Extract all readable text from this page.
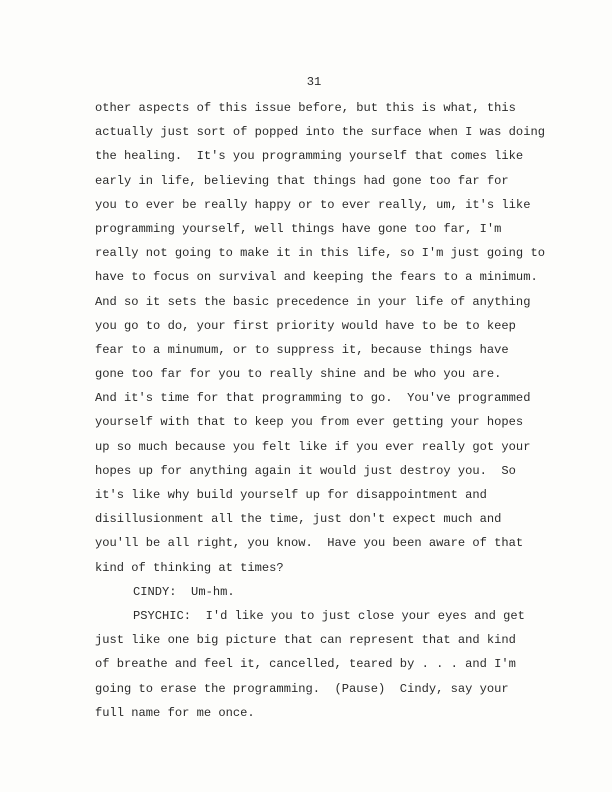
31
other aspects of this issue before, but this is what, this
actually just sort of popped into the surface when I was doing
the healing.  It's you programming yourself that comes like
early in life, believing that things had gone too far for
you to ever be really happy or to ever really, um, it's like
programming yourself, well things have gone too far, I'm
really not going to make it in this life, so I'm just going to
have to focus on survival and keeping the fears to a minimum.
And so it sets the basic precedence in your life of anything
you go to do, your first priority would have to be to keep
fear to a minumum, or to suppress it, because things have
gone too far for you to really shine and be who you are.
And it's time for that programming to go.  You've programmed
yourself with that to keep you from ever getting your hopes
up so much because you felt like if you ever really got your
hopes up for anything again it would just destroy you.  So
it's like why build yourself up for disappointment and
disillusionment all the time, just don't expect much and
you'll be all right, you know.  Have you been aware of that
kind of thinking at times?
CINDY:  Um-hm.
PSYCHIC:  I'd like you to just close your eyes and get
just like one big picture that can represent that and kind
of breathe and feel it, cancelled, teared by . . . and I'm
going to erase the programming.  (Pause)  Cindy, say your
full name for me once.
